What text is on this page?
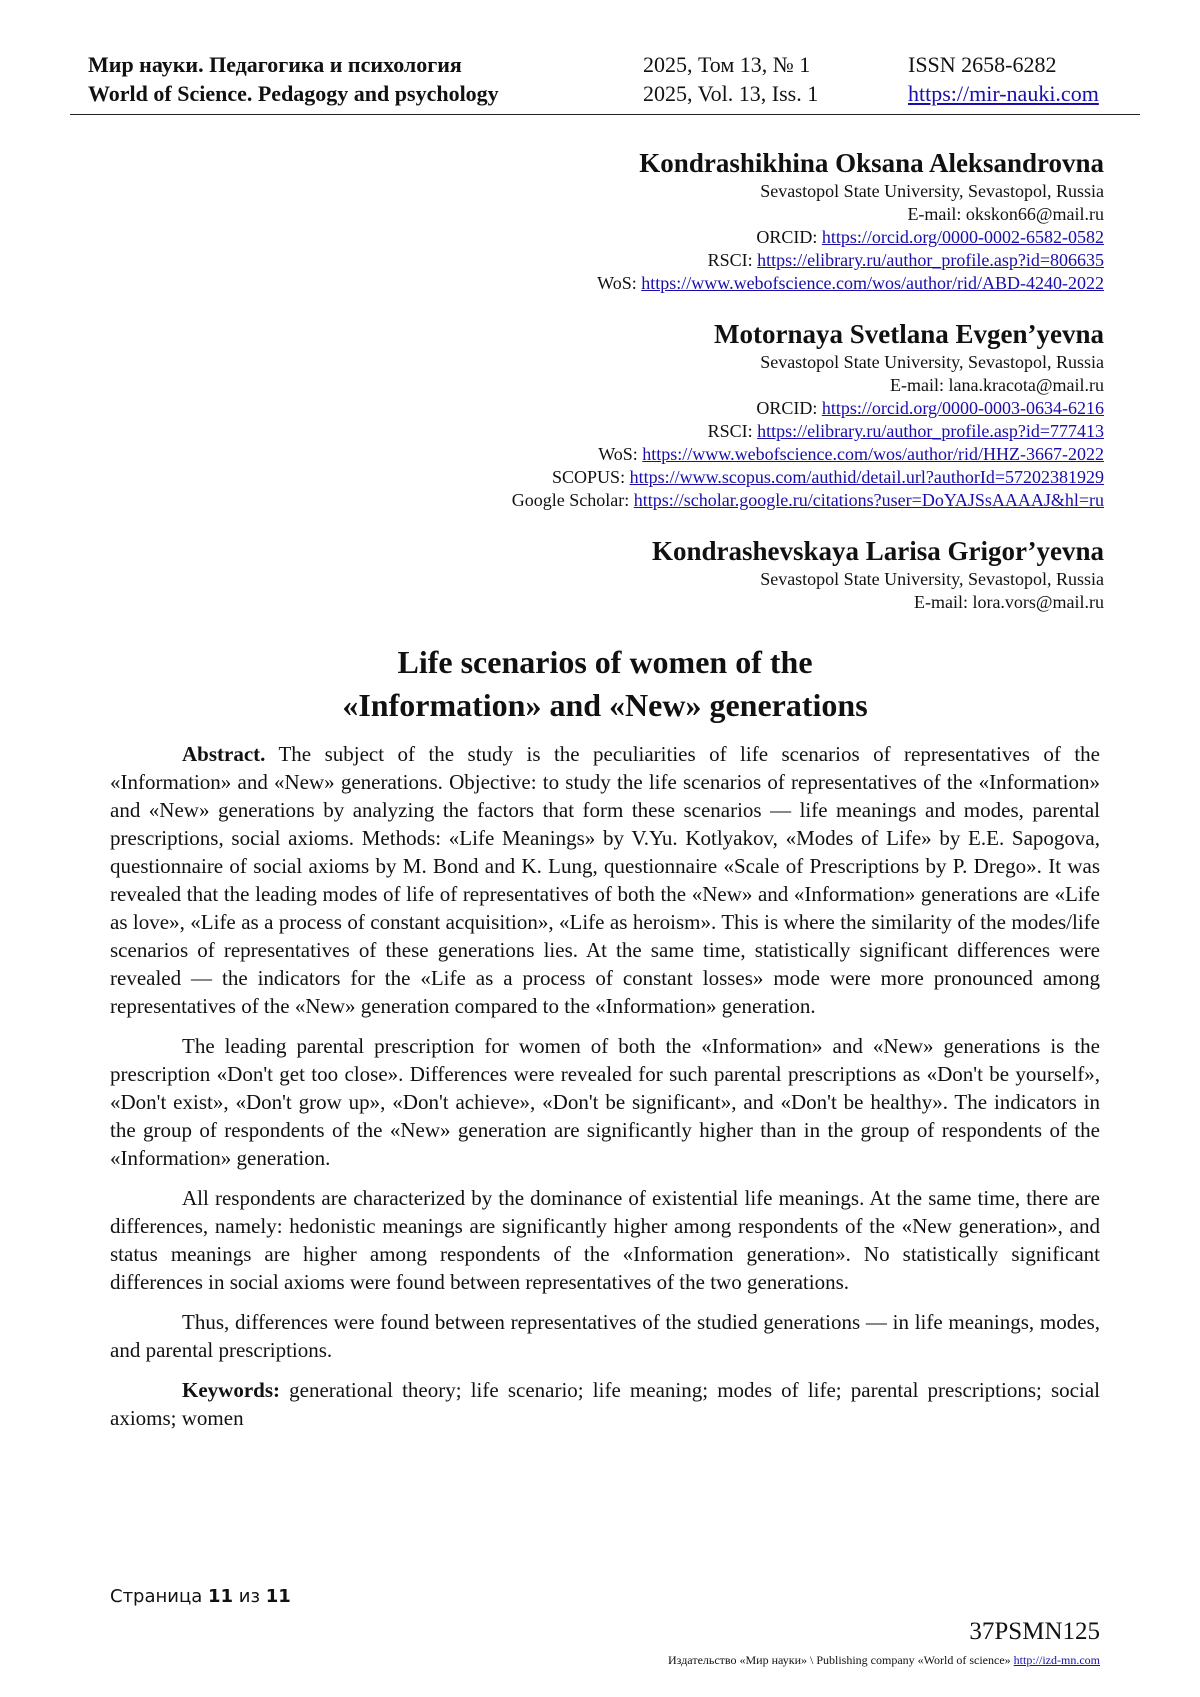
Мир науки. Педагогика и психология	2025, Том 13, № 1	ISSN 2658-6282
World of Science. Pedagogy and psychology	2025, Vol. 13, Iss. 1	https://mir-nauki.com
Kondrashikhina Oksana Aleksandrovna
Sevastopol State University, Sevastopol, Russia
E-mail: okskon66@mail.ru
ORCID: https://orcid.org/0000-0002-6582-0582
RSCI: https://elibrary.ru/author_profile.asp?id=806635
WoS: https://www.webofscience.com/wos/author/rid/ABD-4240-2022
Motornaya Svetlana Evgen’yevna
Sevastopol State University, Sevastopol, Russia
E-mail: lana.kracota@mail.ru
ORCID: https://orcid.org/0000-0003-0634-6216
RSCI: https://elibrary.ru/author_profile.asp?id=777413
WoS: https://www.webofscience.com/wos/author/rid/HHZ-3667-2022
SCOPUS: https://www.scopus.com/authid/detail.url?authorId=57202381929
Google Scholar: https://scholar.google.ru/citations?user=DoYAJSsAAAAJ&hl=ru
Kondrashevskaya Larisa Grigor’yevna
Sevastopol State University, Sevastopol, Russia
E-mail: lora.vors@mail.ru
Life scenarios of women of the
«Information» and «New» generations

Abstract. The subject of the study is the peculiarities of life scenarios of representatives of the «Information» and «New» generations. Objective: to study the life scenarios of representatives of the «Information» and «New» generations by analyzing the factors that form these scenarios — life meanings and modes, parental prescriptions, social axioms. Methods: «Life Meanings» by V.Yu. Kotlyakov, «Modes of Life» by E.E. Sapogova, questionnaire of social axioms by M. Bond and K. Lung, questionnaire «Scale of Prescriptions by P. Drego». It was revealed that the leading modes of life of representatives of both the «New» and «Information» generations are «Life as love», «Life as a process of constant acquisition», «Life as heroism». This is where the similarity of the modes/life scenarios of representatives of these generations lies. At the same time, statistically significant differences were revealed — the indicators for the «Life as a process of constant losses» mode were more pronounced among representatives of the «New» generation compared to the «Information» generation.

The leading parental prescription for women of both the «Information» and «New» generations is the prescription «Don't get too close». Differences were revealed for such parental prescriptions as «Don't be yourself», «Don't exist», «Don't grow up», «Don't achieve», «Don't be significant», and «Don't be healthy». The indicators in the group of respondents of the «New» generation are significantly higher than in the group of respondents of the «Information» generation.

All respondents are characterized by the dominance of existential life meanings. At the same time, there are differences, namely: hedonistic meanings are significantly higher among respondents of the «New generation», and status meanings are higher among respondents of the «Information generation». No statistically significant differences in social axioms were found between representatives of the two generations.

Thus, differences were found between representatives of the studied generations — in life meanings, modes, and parental prescriptions.

Keywords: generational theory; life scenario; life meaning; modes of life; parental prescriptions; social axioms; women

Страница 11 из 11
37PSMN125
Издательство «Мир науки» \ Publishing company «World of science» http://izd-mn.com
